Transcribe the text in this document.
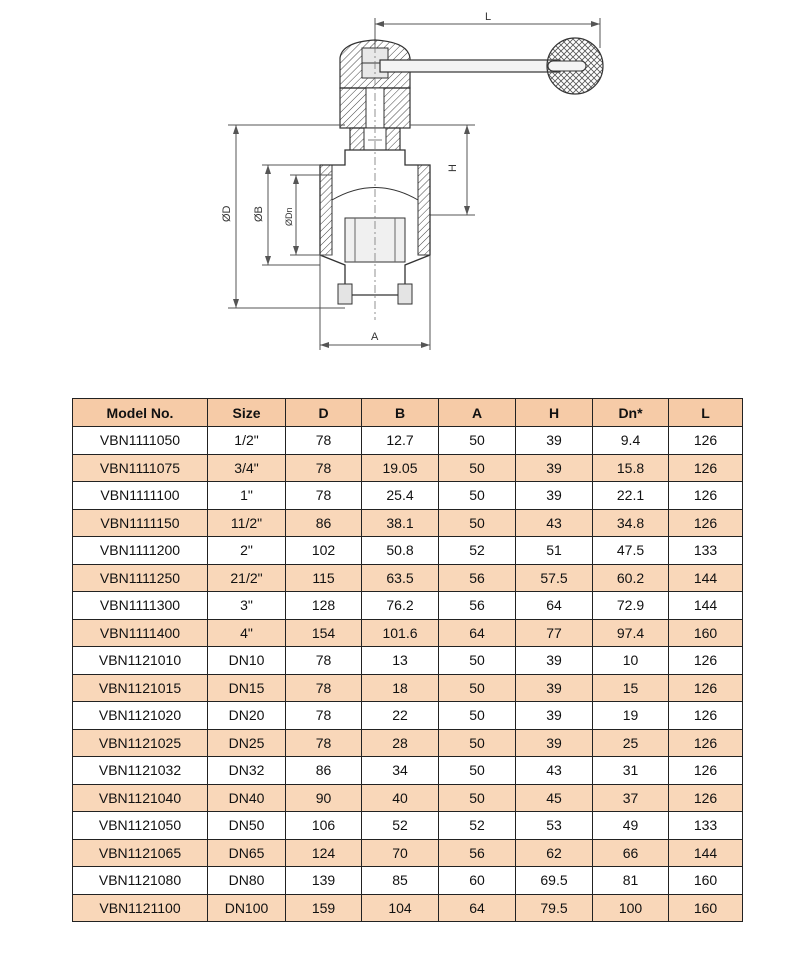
L
H
ØD ØB ØDn
A
Model No.	Size	D	B	A	H	Dn*	L
VBN1111050	1/2"	78	12.7	50	39	9.4	126
VBN1111075	3/4"	78	19.05	50	39	15.8	126
VBN1111100	1"	78	25.4	50	39	22.1	126
VBN1111150	11/2"	86	38.1	50	43	34.8	126
VBN1111200	2"	102	50.8	52	51	47.5	133
VBN1111250	21/2"	115	63.5	56	57.5	60.2	144
VBN1111300	3"	128	76.2	56	64	72.9	144
VBN1111400	4"	154	101.6	64	77	97.4	160
VBN1121010	DN10	78	13	50	39	10	126
VBN1121015	DN15	78	18	50	39	15	126
VBN1121020	DN20	78	22	50	39	19	126
VBN1121025	DN25	78	28	50	39	25	126
VBN1121032	DN32	86	34	50	43	31	126
VBN1121040	DN40	90	40	50	45	37	126
VBN1121050	DN50	106	52	52	53	49	133
VBN1121065	DN65	124	70	56	62	66	144
VBN1121080	DN80	139	85	60	69.5	81	160
VBN1121100	DN100	159	104	64	79.5	100	160
